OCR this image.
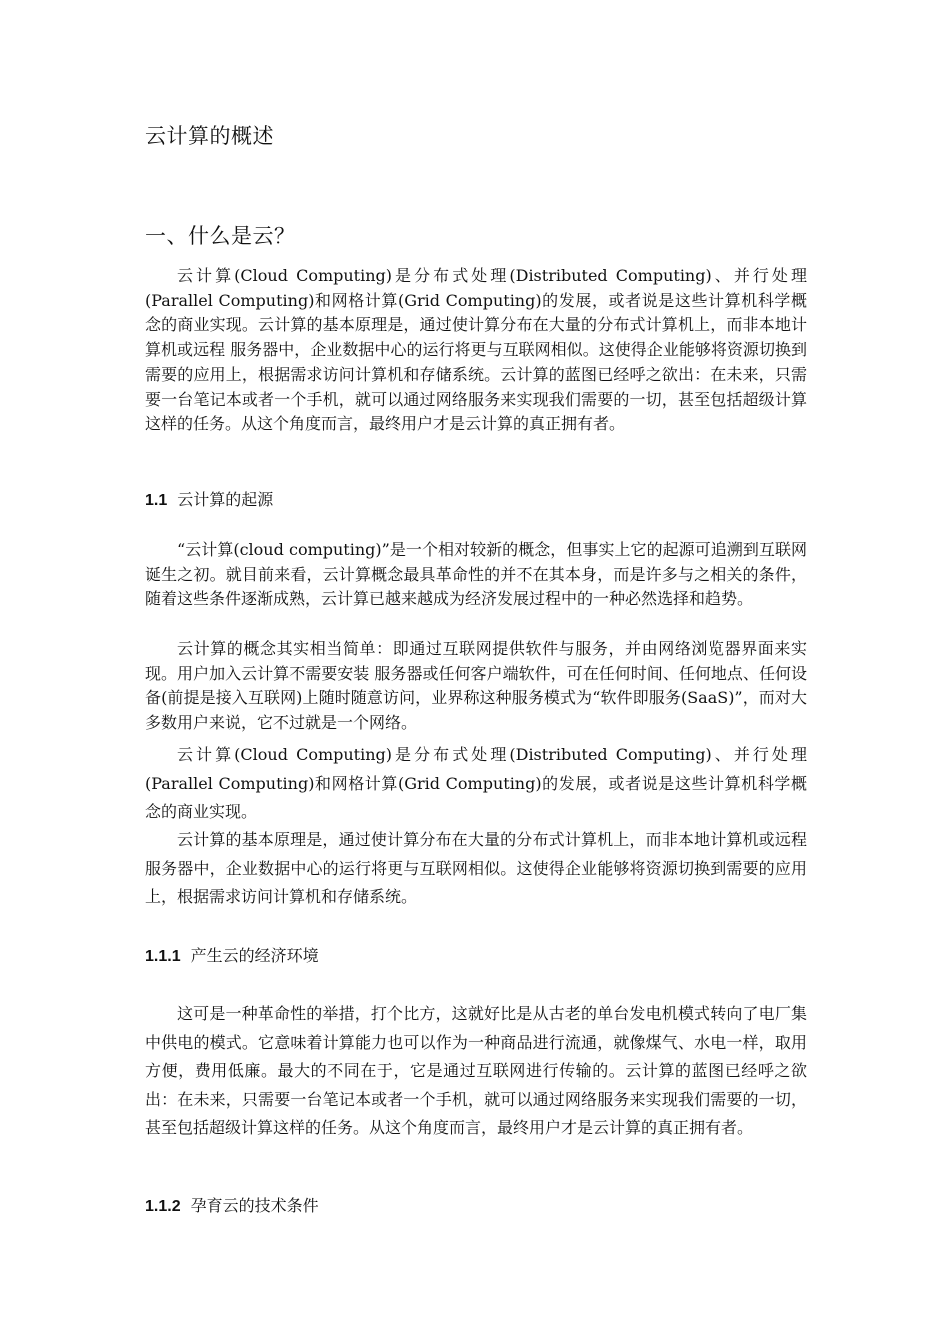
云计算的概述
一、什么是云？

云计算(Cloud Computing)是分布式处理(Distributed Computing)、并行处理(Parallel Computing)和网格计算(Grid Computing)的发展，或者说是这些计算机科学概念的商业实现。云计算的基本原理是，通过使计算分布在大量的分布式计算机上，而非本地计算机或远程 服务器中，企业数据中心的运行将更与互联网相似。这使得企业能够将资源切换到需要的应用上，根据需求访问计算机和存储系统。云计算的蓝图已经呼之欲出：在未来，只需要一台笔记本或者一个手机，就可以通过网络服务来实现我们需要的一切，甚至包括超级计算这样的任务。从这个角度而言，最终用户才是云计算的真正拥有者。

1.1 云计算的起源

“云计算(cloud computing)”是一个相对较新的概念，但事实上它的起源可追溯到互联网诞生之初。就目前来看，云计算概念最具革命性的并不在其本身，而是许多与之相关的条件，随着这些条件逐渐成熟，云计算已越来越成为经济发展过程中的一种必然选择和趋势。

云计算的概念其实相当简单：即通过互联网提供软件与服务，并由网络浏览器界面来实现。用户加入云计算不需要安装 服务器或任何客户端软件，可在任何时间、任何地点、任何设备(前提是接入互联网)上随时随意访问，业界称这种服务模式为“软件即服务(SaaS)”，而对大多数用户来说，它不过就是一个网络。

云计算(Cloud Computing)是分布式处理(Distributed Computing)、并行处理(Parallel Computing)和网格计算(Grid Computing)的发展，或者说是这些计算机科学概念的商业实现。

云计算的基本原理是，通过使计算分布在大量的分布式计算机上，而非本地计算机或远程服务器中，企业数据中心的运行将更与互联网相似。这使得企业能够将资源切换到需要的应用上，根据需求访问计算机和存储系统。

1.1.1 产生云的经济环境

这可是一种革命性的举措，打个比方，这就好比是从古老的单台发电机模式转向了电厂集中供电的模式。它意味着计算能力也可以作为一种商品进行流通，就像煤气、水电一样，取用方便，费用低廉。最大的不同在于，它是通过互联网进行传输的。云计算的蓝图已经呼之欲出：在未来，只需要一台笔记本或者一个手机，就可以通过网络服务来实现我们需要的一切，甚至包括超级计算这样的任务。从这个角度而言，最终用户才是云计算的真正拥有者。

1.1.2 孕育云的技术条件
